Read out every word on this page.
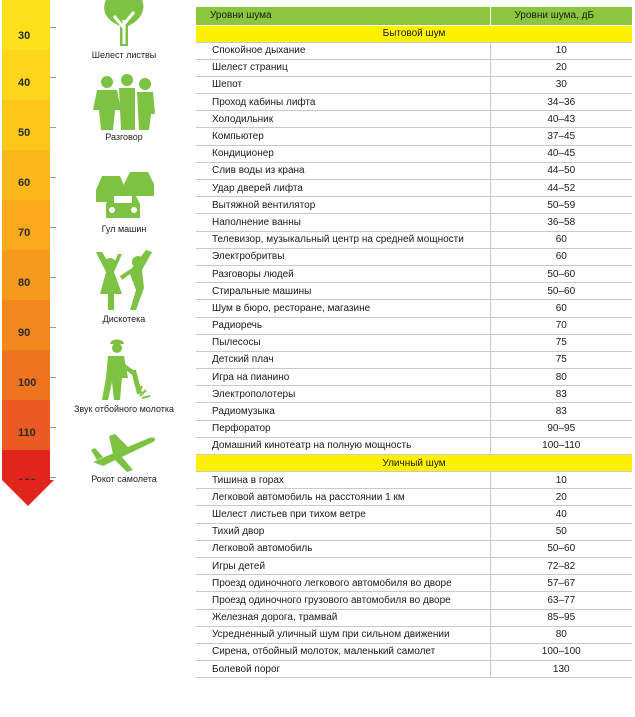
30
40
50
60
70
80
90
100
110
120
Шелест листвы
Разговор
Гул машин
Дискотека
Звук отбойного молотка
Рокот самолета
Уровни шума	Уровни шума, дБ
Бытовой шум	
Спокойное дыхание	10
Шелест страниц	20
Шепот	30
Проход кабины лифта	34–36
Холодильник	40–43
Компьютер	37–45
Кондиционер	40–45
Слив воды из крана	44–50
Удар дверей лифта	44–52
Вытяжной вентилятор	50–59
Наполнение ванны	36–58
Телевизор, музыкальный центр на средней мощности	60
Электробритвы	60
Разговоры людей	50–60
Стиральные машины	50–60
Шум в бюро, ресторане, магазине	60
Радиоречь	70
Пылесосы	75
Детский плач	75
Игра на пианино	80
Электрополотеры	83
Радиомузыка	83
Перфоратор	90–95
Домашний кинотеатр на полную мощность	100–110
Уличный шум	
Тишина в горах	10
Легковой автомобиль на расстоянии 1 км	20
Шелест листьев при тихом ветре	40
Тихий двор	50
Легковой автомобиль	50–60
Игры детей	72–82
Проезд одиночного легкового автомобиля во дворе	57–67
Проезд одиночного грузового автомобиля во дворе	63–77
Железная дорога, трамвай	85–95
Усредненный уличный шум при сильном движении	80
Сирена, отбойный молоток, маленький самолет	100–100
Болевой порог	130
